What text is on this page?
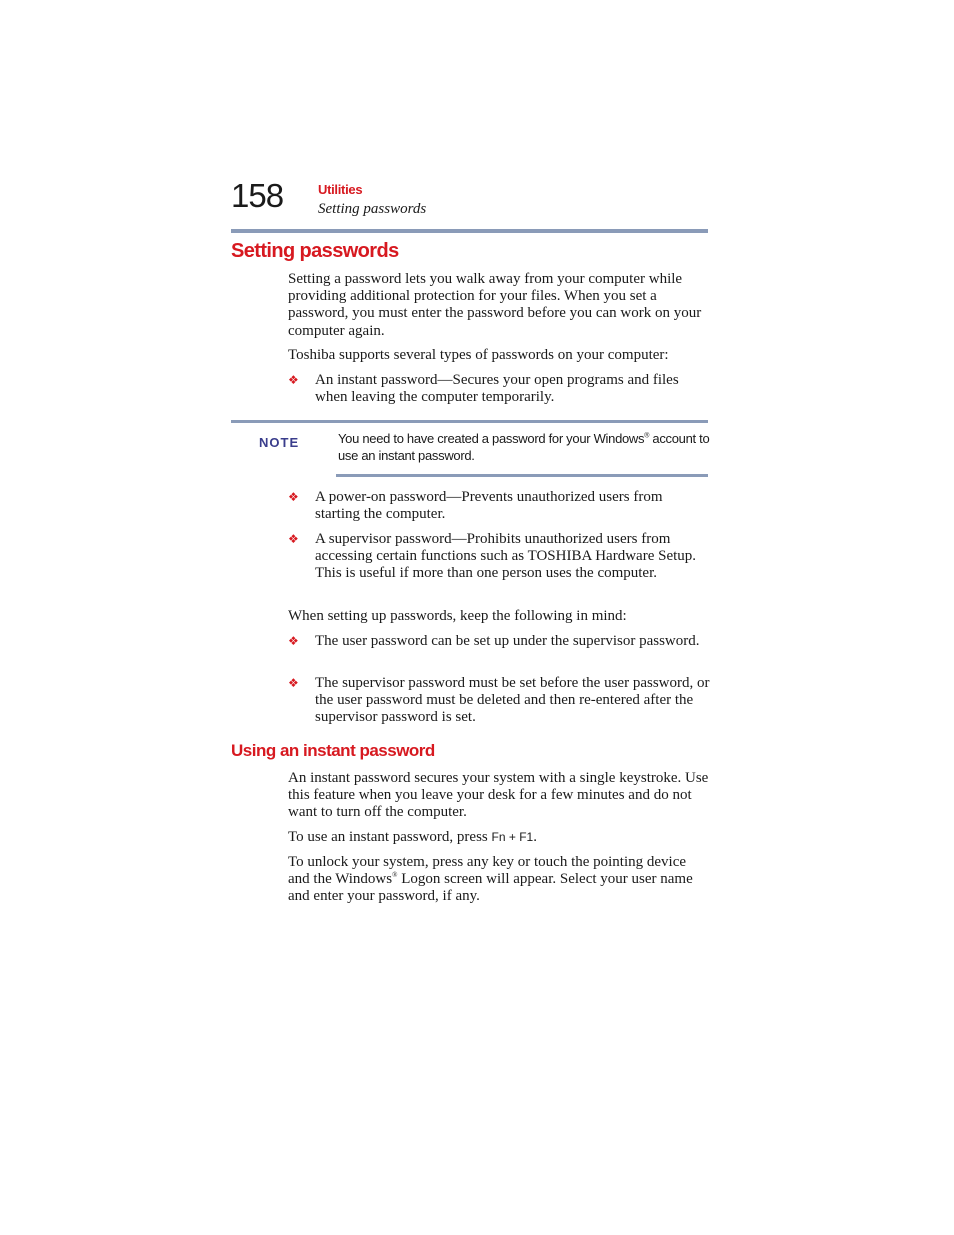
158	Utilities
Setting passwords
Setting passwords

Setting a password lets you walk away from your computer while providing additional protection for your files. When you set a password, you must enter the password before you can work on your computer again.

Toshiba supports several types of passwords on your computer:

❖ An instant password—Secures your open programs and files when leaving the computer temporarily.
NOTE	You need to have created a password for your Windows® account to use an instant password.
❖ A power-on password—Prevents unauthorized users from starting the computer.
❖ A supervisor password—Prohibits unauthorized users from accessing certain functions such as TOSHIBA Hardware Setup. This is useful if more than one person uses the computer.

When setting up passwords, keep the following in mind:

❖ The user password can be set up under the supervisor password.
❖ The supervisor password must be set before the user password, or the user password must be deleted and then re-entered after the supervisor password is set.
Using an instant password

An instant password secures your system with a single keystroke. Use this feature when you leave your desk for a few minutes and do not want to turn off the computer.

To use an instant password, press Fn + F1.

To unlock your system, press any key or touch the pointing device and the Windows® Logon screen will appear. Select your user name and enter your password, if any.
